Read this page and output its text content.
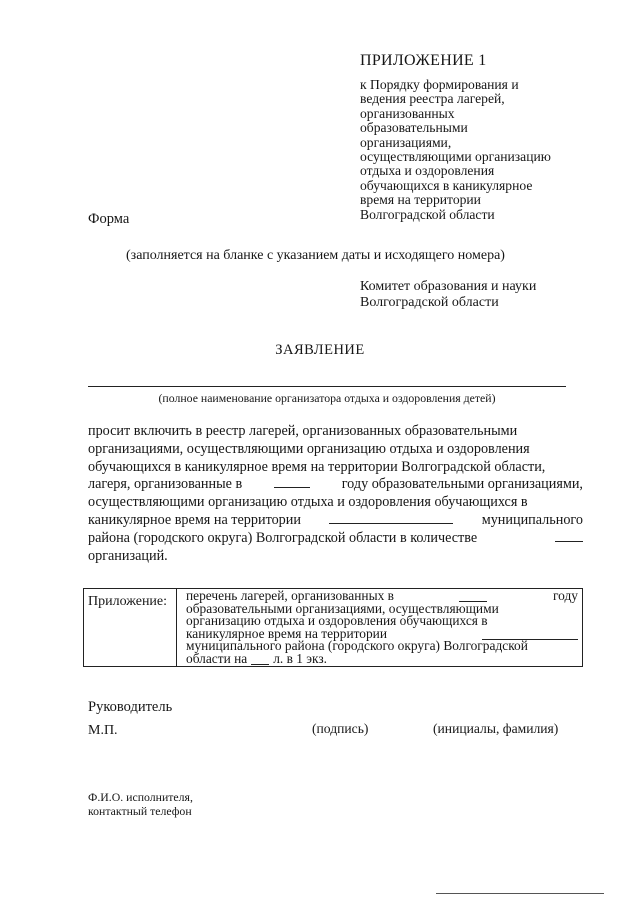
ПРИЛОЖЕНИЕ 1
к Порядку формирования и
ведения реестра лагерей,
организованных
образовательными
организациями,
осуществляющими организацию
отдыха и оздоровления
обучающихся в каникулярное
время на территории
Волгоградской области
Форма
(заполняется на бланке с указанием даты и исходящего номера)
Комитет образования и науки
Волгоградской области
ЗАЯВЛЕНИЕ
(полное наименование организатора отдыха и оздоровления детей)
просит включить в реестр лагерей, организованных образовательными
организациями, осуществляющими организацию отдыха и оздоровления
обучающихся в каникулярное время на территории Волгоградской области,
лагеря, организованные в	году образовательными организациями,
осуществляющими организацию отдыха и оздоровления обучающихся в
каникулярное время на территории	муниципального
района (городского округа) Волгоградской области в количестве
организаций.
Приложение: перечень лагерей, организованных в	году
образовательными организациями, осуществляющими
организацию отдыха и оздоровления обучающихся в
каникулярное время на территории
муниципального района (городского округа) Волгоградской
области на л. в 1 экз.
Руководитель
М.П.	(подпись)	(инициалы, фамилия)
Ф.И.О. исполнителя,
контактный телефон
